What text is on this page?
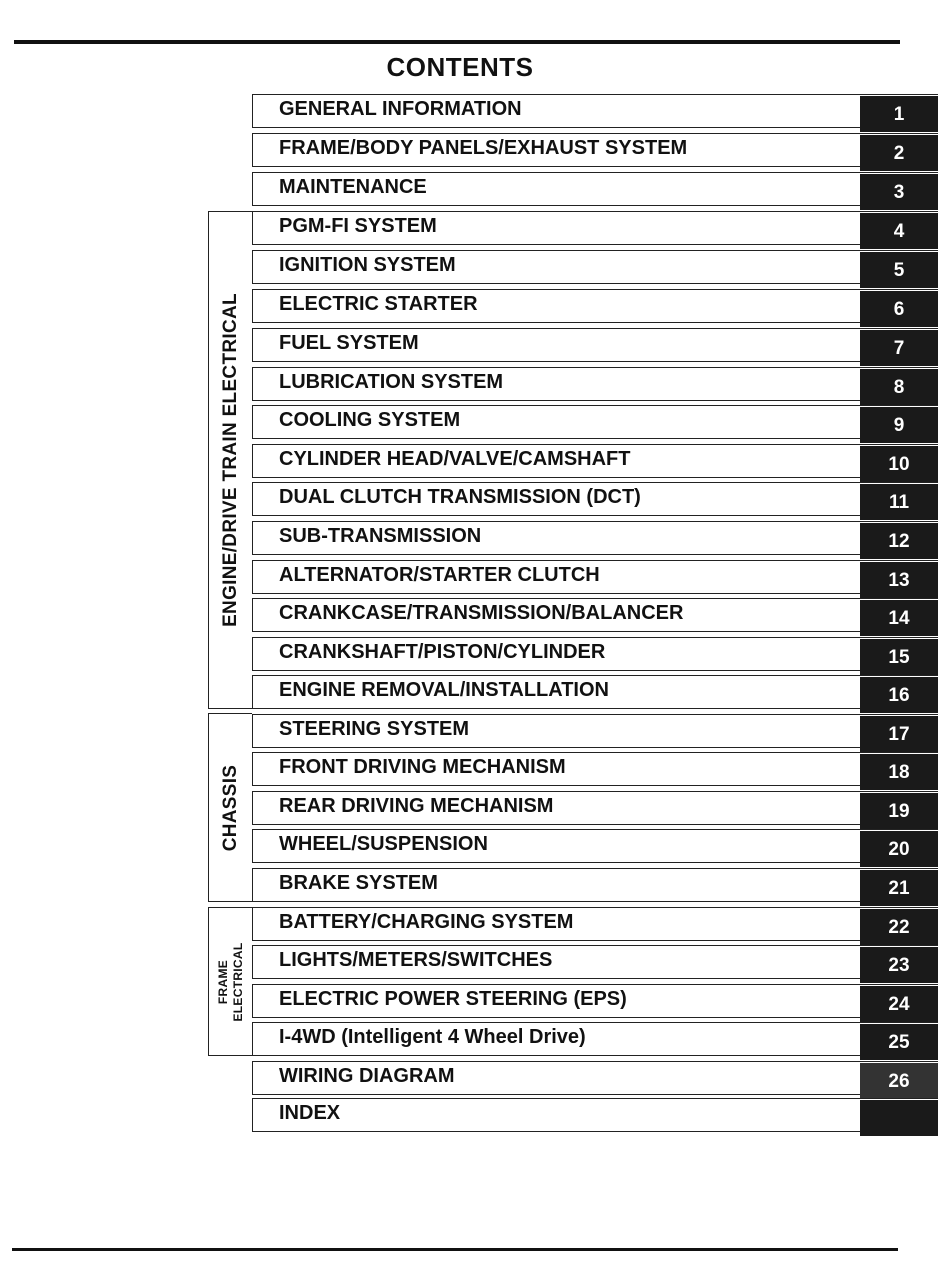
CONTENTS
ENGINE/DRIVE TRAIN ELECTRICAL
CHASSIS
FRAME ELECTRICAL
GENERAL INFORMATION	1
FRAME/BODY PANELS/EXHAUST SYSTEM	2
MAINTENANCE	3
PGM-FI SYSTEM	4
IGNITION SYSTEM	5
ELECTRIC STARTER	6
FUEL SYSTEM	7
LUBRICATION SYSTEM	8
COOLING SYSTEM	9
CYLINDER HEAD/VALVE/CAMSHAFT	10
DUAL CLUTCH TRANSMISSION (DCT)	11
SUB-TRANSMISSION	12
ALTERNATOR/STARTER CLUTCH	13
CRANKCASE/TRANSMISSION/BALANCER	14
CRANKSHAFT/PISTON/CYLINDER	15
ENGINE REMOVAL/INSTALLATION	16
STEERING SYSTEM	17
FRONT DRIVING MECHANISM	18
REAR DRIVING MECHANISM	19
WHEEL/SUSPENSION	20
BRAKE SYSTEM	21
BATTERY/CHARGING SYSTEM	22
LIGHTS/METERS/SWITCHES	23
ELECTRIC POWER STEERING (EPS)	24
I-4WD (Intelligent 4 Wheel Drive)	25
WIRING DIAGRAM	26
INDEX
